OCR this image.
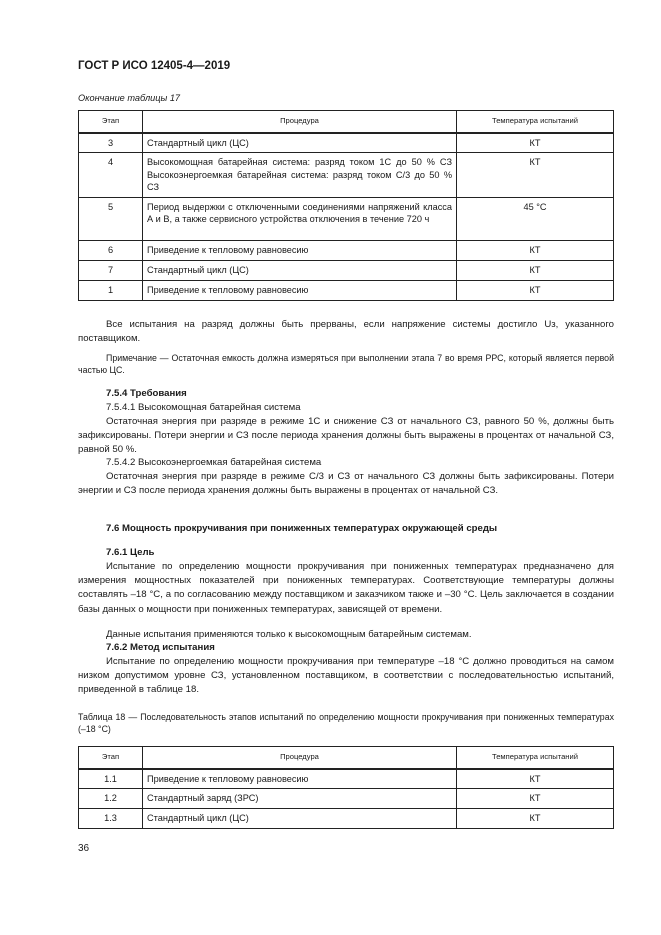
ГОСТ Р ИСО 12405-4—2019
Окончание таблицы 17
Этап	Процедура	Температура испытаний
3	Стандартный цикл (ЦС)	КТ
4	Высокомощная батарейная система: разряд током 1С до 50 % СЗ Высокоэнергоемкая батарейная система: разряд током С/3 до 50 % СЗ	КТ
5	Период выдержки с отключенными соединениями напряжений класса А и В, а также сервисного устройства отключения в течение 720 ч	45 °С
6	Приведение к тепловому равновесию	КТ
7	Стандартный цикл (ЦС)	КТ
1	Приведение к тепловому равновесию	КТ
Все испытания на разряд должны быть прерваны, если напряжение системы достигло Uз, указанного поставщиком.
Примечание — Остаточная емкость должна измеряться при выполнении этапа 7 во время РРС, который является первой частью ЦС.
7.5.4 Требования
7.5.4.1 Высокомощная батарейная система
Остаточная энергия при разряде в режиме 1С и снижение СЗ от начального СЗ, равного 50 %, должны быть зафиксированы. Потери энергии и СЗ после периода хранения должны быть выражены в процентах от начальной СЗ, равной 50 %.
7.5.4.2 Высокоэнергоемкая батарейная система
Остаточная энергия при разряде в режиме С/3 и СЗ от начального СЗ должны быть зафиксированы. Потери энергии и СЗ после периода хранения должны быть выражены в процентах от начальной СЗ.
7.6 Мощность прокручивания при пониженных температурах окружающей среды
7.6.1 Цель
Испытание по определению мощности прокручивания при пониженных температурах предназначено для измерения мощностных показателей при пониженных температурах. Соответствующие температуры должны составлять –18 °С, а по согласованию между поставщиком и заказчиком также и –30 °С. Цель заключается в создании базы данных о мощности при пониженных температурах, зависящей от времени.
Данные испытания применяются только к высокомощным батарейным системам.
7.6.2 Метод испытания
Испытание по определению мощности прокручивания при температуре –18 °С должно проводиться на самом низком допустимом уровне СЗ, установленном поставщиком, в соответствии с последовательностью испытаний, приведенной в таблице 18.
Таблица 18 — Последовательность этапов испытаний по определению мощности прокручивания при пониженных температурах (–18 °С)
Этап	Процедура	Температура испытаний
1.1	Приведение к тепловому равновесию	КТ
1.2	Стандартный заряд (ЗРС)	КТ
1.3	Стандартный цикл (ЦС)	КТ
36
